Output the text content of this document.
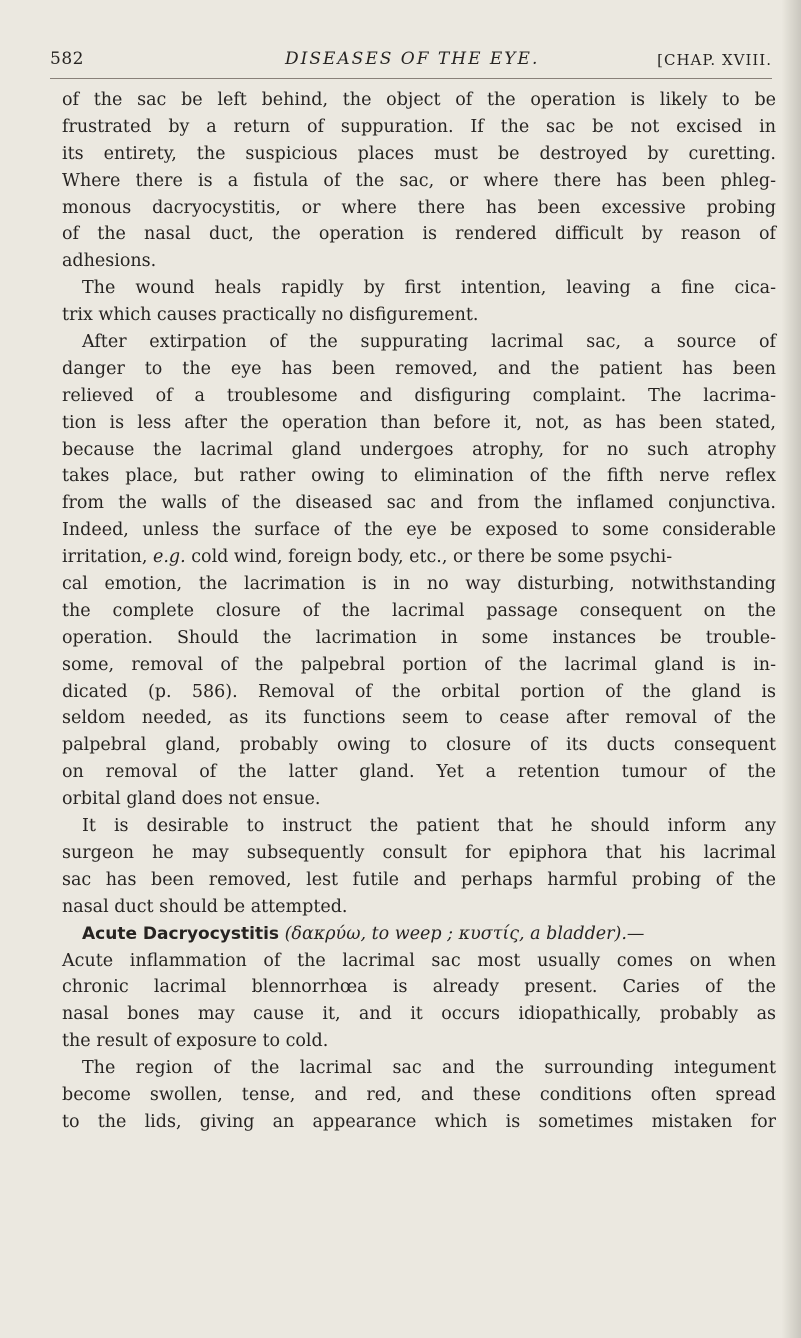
582	DISEASES OF THE EYE.	[CHAP. XVIII.
of the sac be left behind, the object of the operation is likely to be
frustrated by a return of suppuration. If the sac be not excised in
its entirety, the suspicious places must be destroyed by curetting.
Where there is a fistula of the sac, or where there has been phleg-
monous dacryocystitis, or where there has been excessive probing
of the nasal duct, the operation is rendered difficult by reason of
adhesions.
The wound heals rapidly by first intention, leaving a fine cica-
trix which causes practically no disfigurement.
After extirpation of the suppurating lacrimal sac, a source of
danger to the eye has been removed, and the patient has been
relieved of a troublesome and disfiguring complaint. The lacrima-
tion is less after the operation than before it, not, as has been stated,
because the lacrimal gland undergoes atrophy, for no such atrophy
takes place, but rather owing to elimination of the fifth nerve reflex
from the walls of the diseased sac and from the inflamed conjunctiva.
Indeed, unless the surface of the eye be exposed to some considerable
irritation, e.g. cold wind, foreign body, etc., or there be some psychi-
cal emotion, the lacrimation is in no way disturbing, notwithstanding
the complete closure of the lacrimal passage consequent on the
operation. Should the lacrimation in some instances be trouble-
some, removal of the palpebral portion of the lacrimal gland is in-
dicated (p. 586). Removal of the orbital portion of the gland is
seldom needed, as its functions seem to cease after removal of the
palpebral gland, probably owing to closure of its ducts consequent
on removal of the latter gland. Yet a retention tumour of the
orbital gland does not ensue.
It is desirable to instruct the patient that he should inform any
surgeon he may subsequently consult for epiphora that his lacrimal
sac has been removed, lest futile and perhaps harmful probing of the
nasal duct should be attempted.
Acute Dacryocystitis (δακρύω, to weep ; κυστίς, a bladder).—
Acute inflammation of the lacrimal sac most usually comes on when
chronic lacrimal blennorrhœa is already present. Caries of the
nasal bones may cause it, and it occurs idiopathically, probably as
the result of exposure to cold.
The region of the lacrimal sac and the surrounding integument
become swollen, tense, and red, and these conditions often spread
to the lids, giving an appearance which is sometimes mistaken for
